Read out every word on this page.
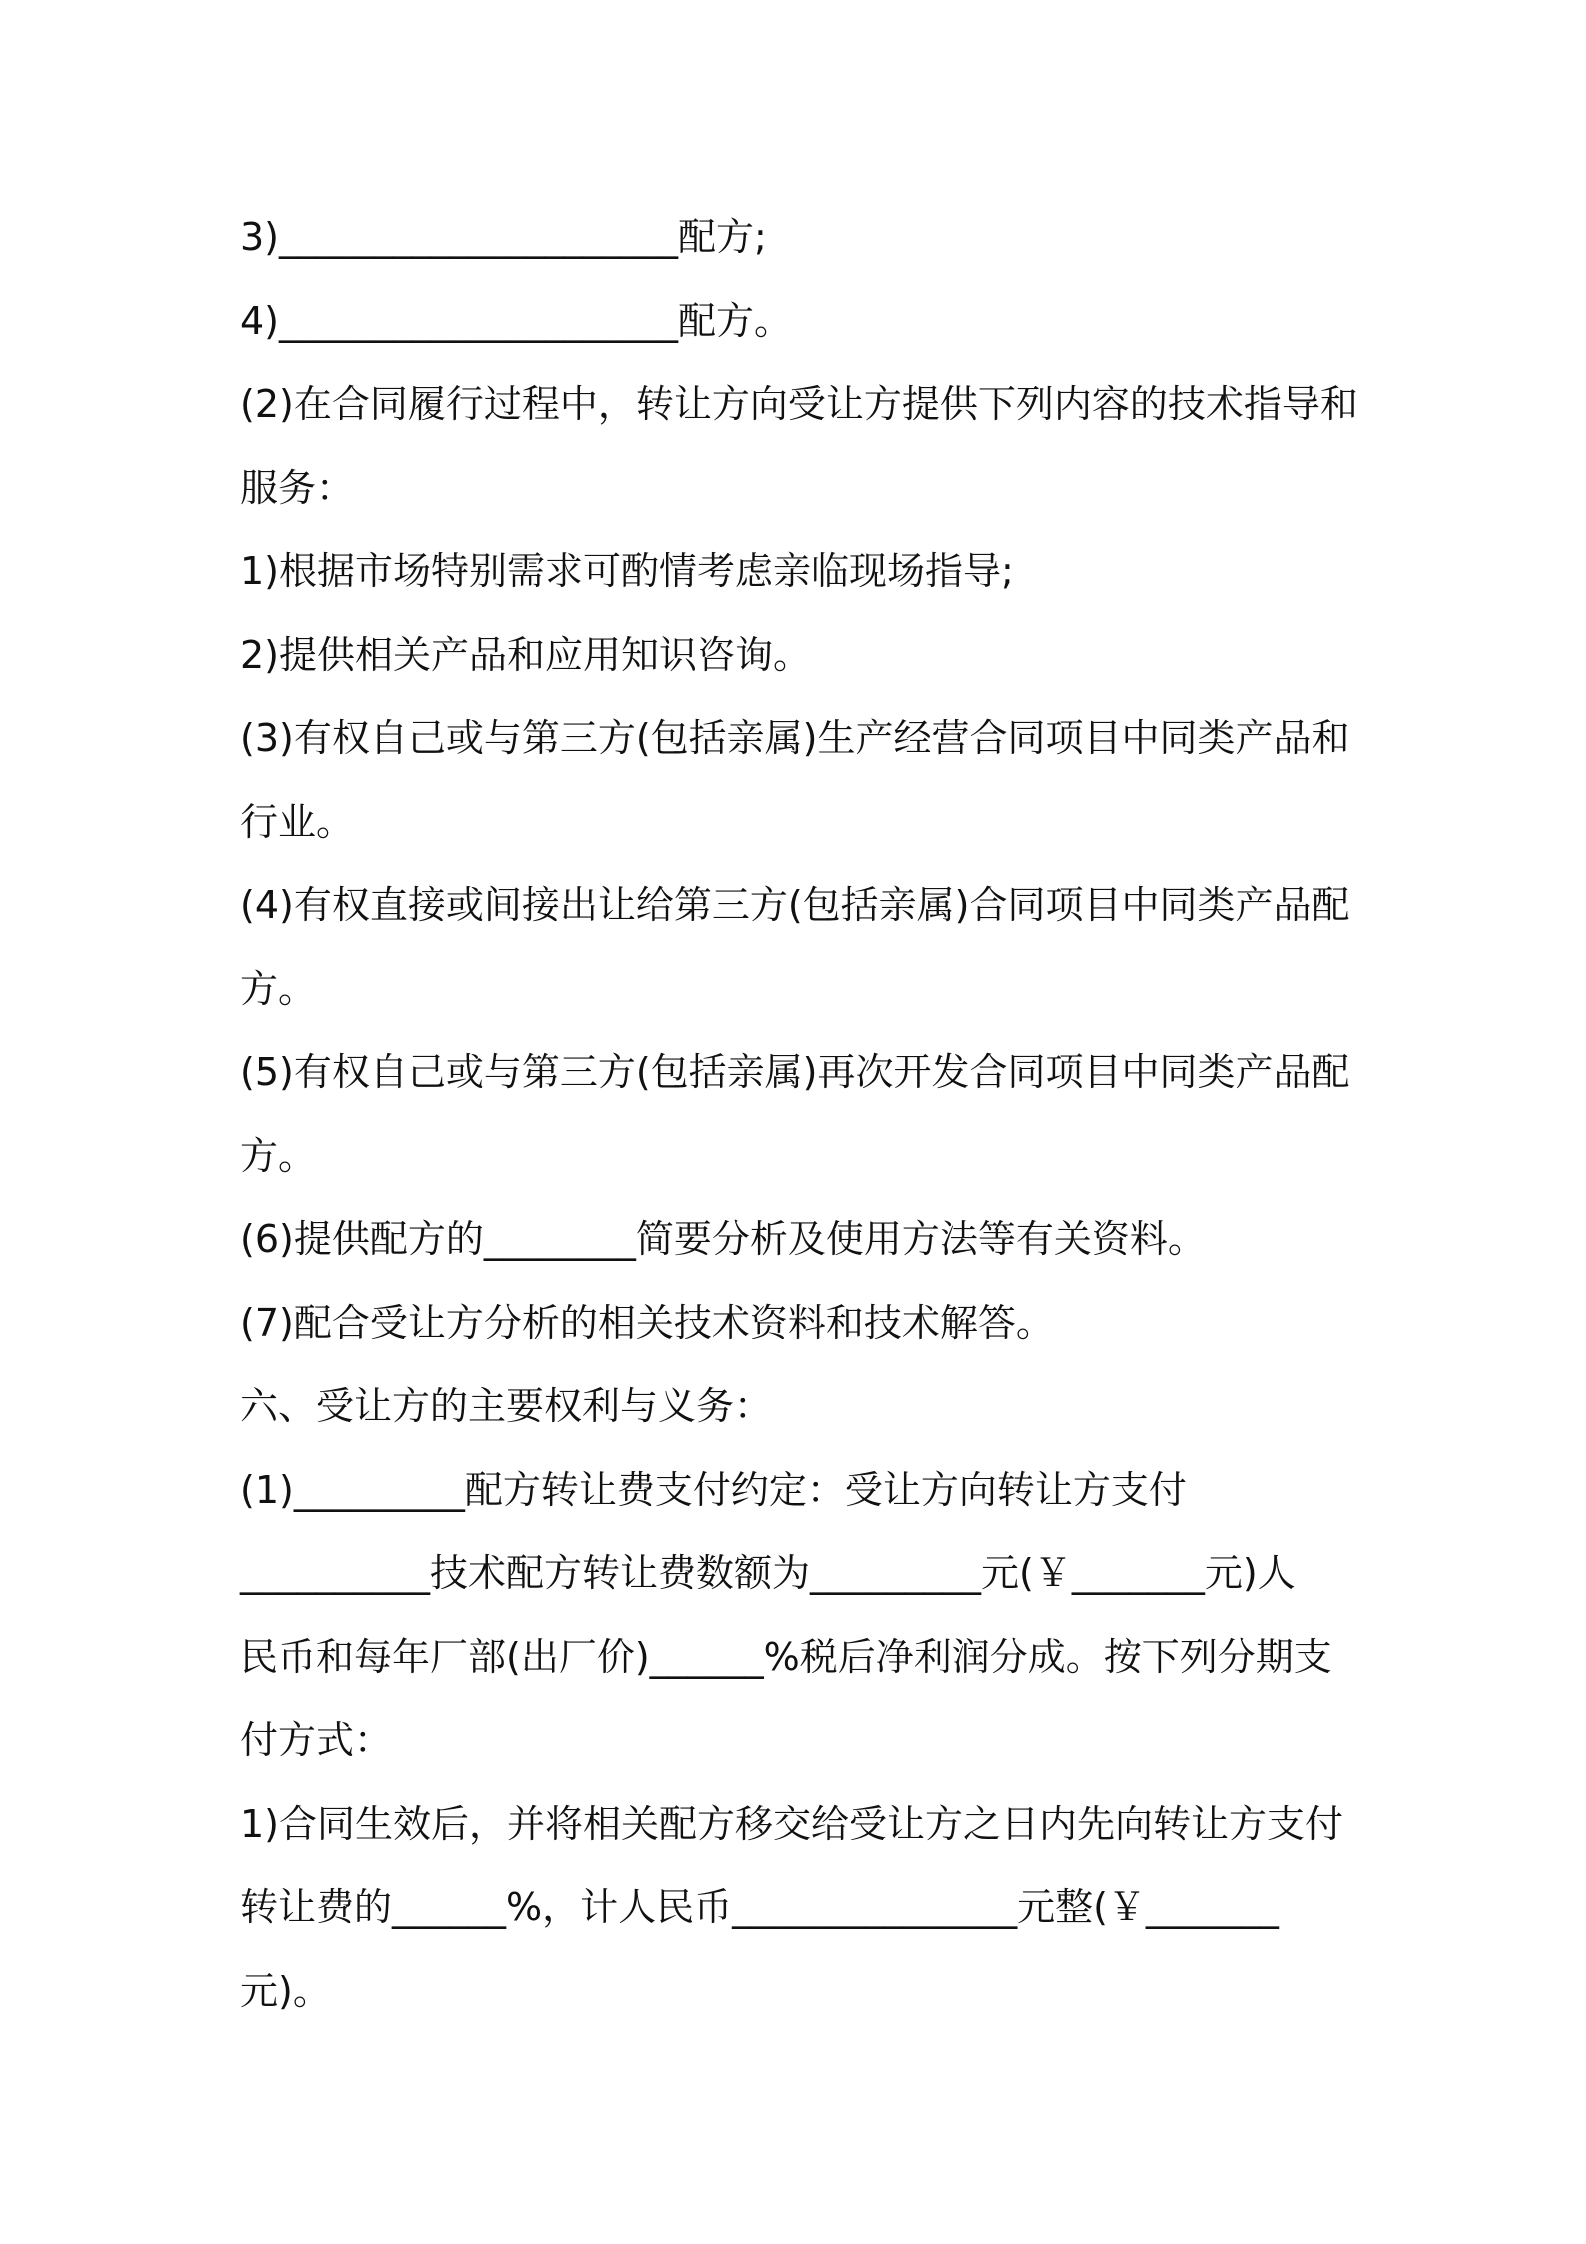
3)_____________________配方;
4)_____________________配方。
(2)在合同履行过程中，转让方向受让方提供下列内容的技术指导和
服务：
1)根据市场特别需求可酌情考虑亲临现场指导;
2)提供相关产品和应用知识咨询。
(3)有权自己或与第三方(包括亲属)生产经营合同项目中同类产品和
行业。
(4)有权直接或间接出让给第三方(包括亲属)合同项目中同类产品配
方。
(5)有权自己或与第三方(包括亲属)再次开发合同项目中同类产品配
方。
(6)提供配方的________简要分析及使用方法等有关资料。
(7)配合受让方分析的相关技术资料和技术解答。
六、受让方的主要权利与义务：
(1)_________配方转让费支付约定：受让方向转让方支付
__________技术配方转让费数额为_________元(￥_______元)人
民币和每年厂部(出厂价)______%税后净利润分成。按下列分期支
付方式：
1)合同生效后，并将相关配方移交给受让方之日内先向转让方支付
转让费的______%，计人民币_______________元整(￥_______
元)。
